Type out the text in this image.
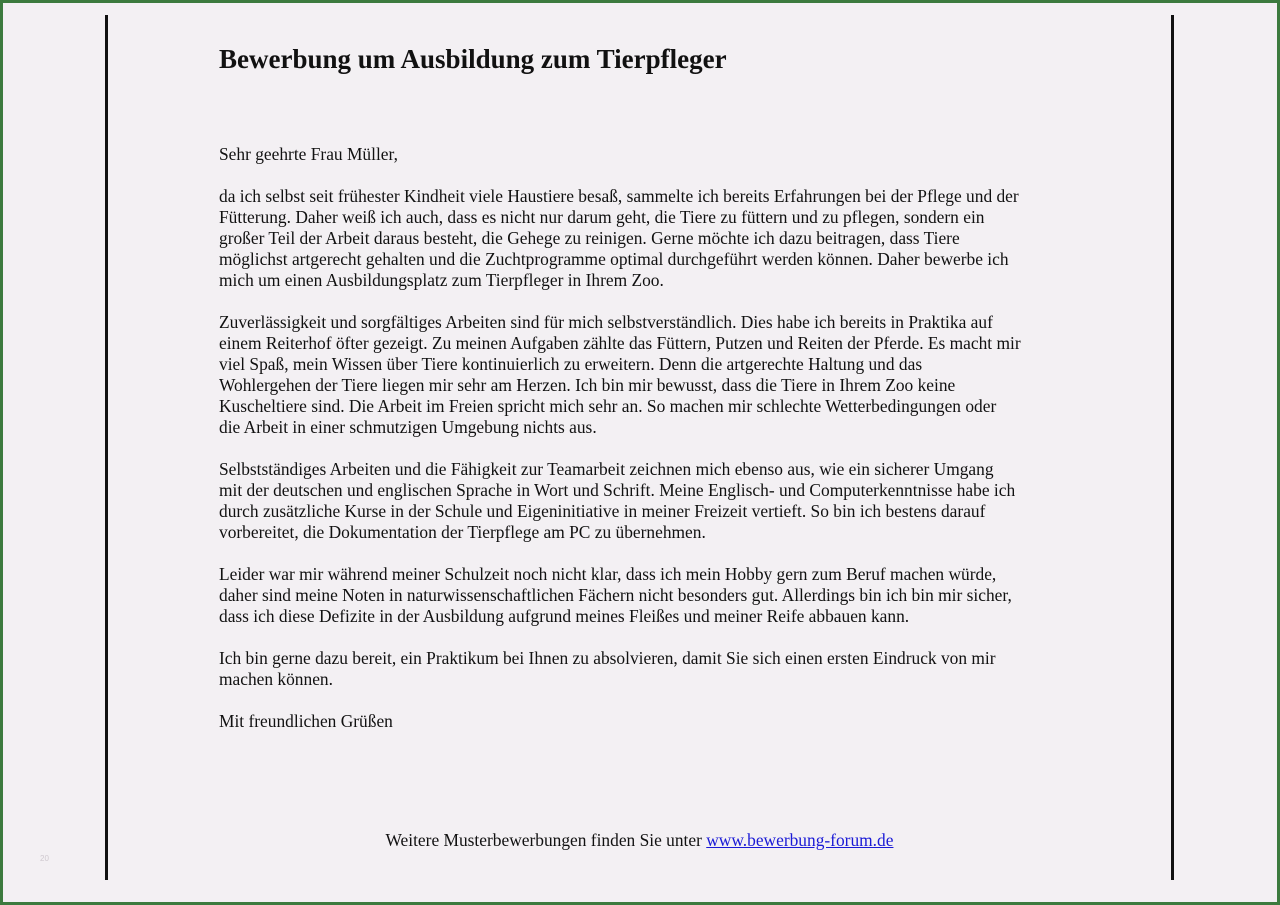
Bewerbung um Ausbildung zum Tierpfleger

Sehr geehrte Frau Müller,

da ich selbst seit frühester Kindheit viele Haustiere besaß, sammelte ich bereits Erfahrungen bei der Pflege und der
Fütterung. Daher weiß ich auch, dass es nicht nur darum geht, die Tiere zu füttern und zu pflegen, sondern ein
großer Teil der Arbeit daraus besteht, die Gehege zu reinigen. Gerne möchte ich dazu beitragen, dass Tiere
möglichst artgerecht gehalten und die Zuchtprogramme optimal durchgeführt werden können. Daher bewerbe ich
mich um einen Ausbildungsplatz zum Tierpfleger in Ihrem Zoo.

Zuverlässigkeit und sorgfältiges Arbeiten sind für mich selbstverständlich. Dies habe ich bereits in Praktika auf
einem Reiterhof öfter gezeigt. Zu meinen Aufgaben zählte das Füttern, Putzen und Reiten der Pferde. Es macht mir
viel Spaß, mein Wissen über Tiere kontinuierlich zu erweitern. Denn die artgerechte Haltung und das
Wohlergehen der Tiere liegen mir sehr am Herzen. Ich bin mir bewusst, dass die Tiere in Ihrem Zoo keine
Kuscheltiere sind. Die Arbeit im Freien spricht mich sehr an. So machen mir schlechte Wetterbedingungen oder
die Arbeit in einer schmutzigen Umgebung nichts aus.

Selbstständiges Arbeiten und die Fähigkeit zur Teamarbeit zeichnen mich ebenso aus, wie ein sicherer Umgang
mit der deutschen und englischen Sprache in Wort und Schrift. Meine Englisch- und Computerkenntnisse habe ich
durch zusätzliche Kurse in der Schule und Eigeninitiative in meiner Freizeit vertieft. So bin ich bestens darauf
vorbereitet, die Dokumentation der Tierpflege am PC zu übernehmen.

Leider war mir während meiner Schulzeit noch nicht klar, dass ich mein Hobby gern zum Beruf machen würde,
daher sind meine Noten in naturwissenschaftlichen Fächern nicht besonders gut. Allerdings bin ich bin mir sicher,
dass ich diese Defizite in der Ausbildung aufgrund meines Fleißes und meiner Reife abbauen kann.

Ich bin gerne dazu bereit, ein Praktikum bei Ihnen zu absolvieren, damit Sie sich einen ersten Eindruck von mir
machen können.

Mit freundlichen Grüßen

Weitere Musterbewerbungen finden Sie unter www.bewerbung-forum.de
20
